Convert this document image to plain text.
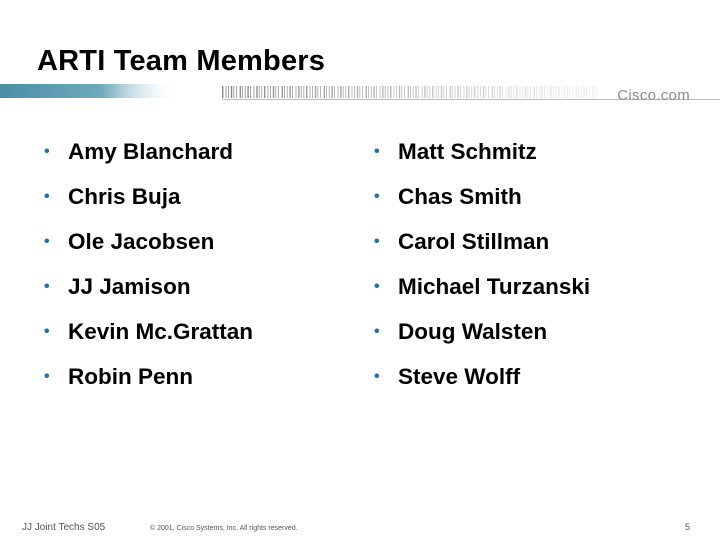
ARTI Team Members
Cisco.com
• Amy Blanchard
• Chris Buja
• Ole Jacobsen
• JJ Jamison
• Kevin Mc.Grattan
• Robin Penn
• Matt Schmitz
• Chas Smith
• Carol Stillman
• Michael Turzanski
• Doug Walsten
• Steve Wolff
JJ Joint Techs S05	© 2001, Cisco Systems, Inc. All rights reserved.	5
